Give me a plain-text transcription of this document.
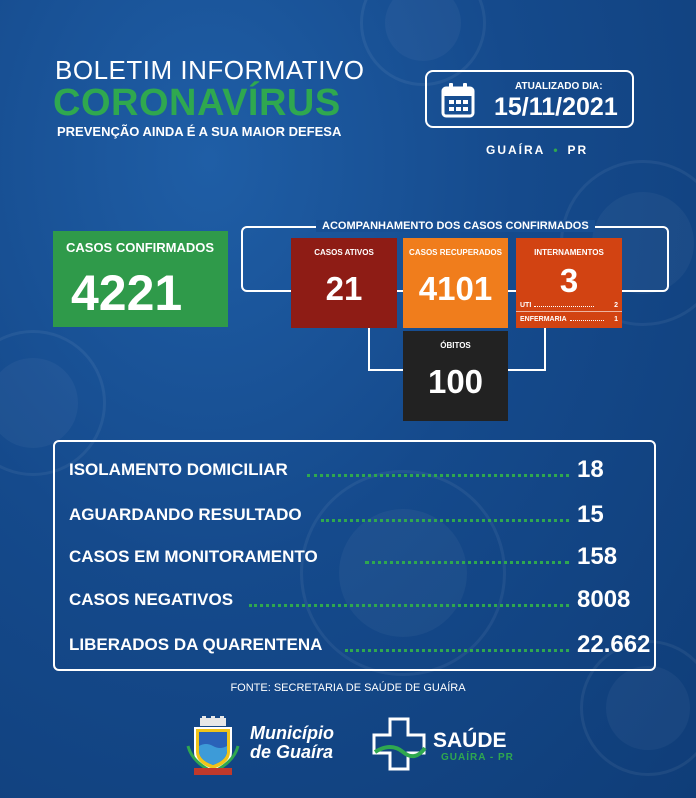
BOLETIM INFORMATIVO
CORONAVÍRUS
PREVENÇÃO AINDA É A SUA MAIOR DEFESA
ATUALIZADO DIA:
15/11/2021
GUAÍRA • PR
CASOS CONFIRMADOS
4221
ACOMPANHAMENTO DOS CASOS CONFIRMADOS
CASOS ATIVOS
21
CASOS RECUPERADOS
4101
INTERNAMENTOS
3
UTI	2
ENFERMARIA	1
ÓBITOS
100
ISOLAMENTO DOMICILIAR	18
AGUARDANDO RESULTADO	15
CASOS EM MONITORAMENTO	158
CASOS NEGATIVOS	8008
LIBERADOS DA QUARENTENA	22.662
FONTE: SECRETARIA DE SAÚDE DE GUAÍRA
Município
de Guaíra	SAÚDE
GUAÍRA - PR
